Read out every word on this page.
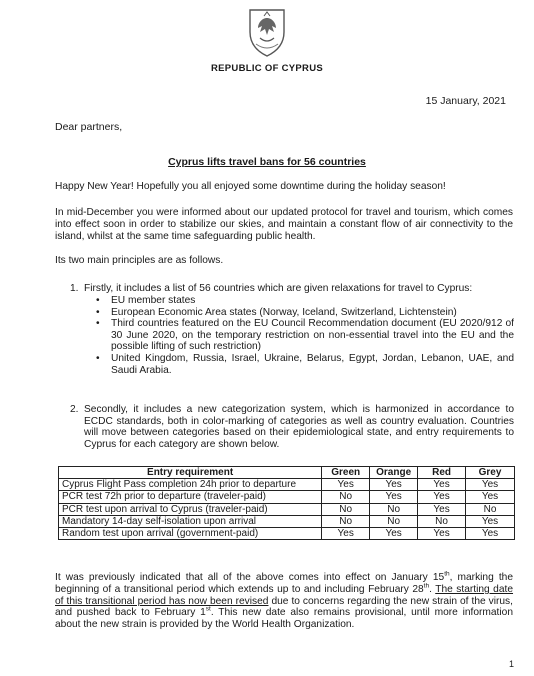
REPUBLIC OF CYPRUS
15 January, 2021
Dear partners,
Cyprus lifts travel bans for 56 countries

Happy New Year! Hopefully you all enjoyed some downtime during the holiday season!

In mid-December you were informed about our updated protocol for travel and tourism, which comes into effect soon in order to stabilize our skies, and maintain a constant flow of air connectivity to the island, whilst at the same time safeguarding public health.

Its two main principles are as follows.

1. Firstly, it includes a list of 56 countries which are given relaxations for travel to Cyprus:
• EU member states
• European Economic Area states (Norway, Iceland, Switzerland, Lichtenstein)
• Third countries featured on the EU Council Recommendation document (EU 2020/912 of 30 June 2020, on the temporary restriction on non-essential travel into the EU and the possible lifting of such restriction)
• United Kingdom, Russia, Israel, Ukraine, Belarus, Egypt, Jordan, Lebanon, UAE, and Saudi Arabia.
2. Secondly, it includes a new categorization system, which is harmonized in accordance to ECDC standards, both in color-marking of categories as well as country evaluation. Countries will move between categories based on their epidemiological state, and entry requirements to Cyprus for each category are shown below.
Entry requirement	Green	Orange	Red	Grey
Cyprus Flight Pass completion 24h prior to departure	Yes	Yes	Yes	Yes
PCR test 72h prior to departure (traveler-paid)	No	Yes	Yes	Yes
PCR test upon arrival to Cyprus (traveler-paid)	No	No	Yes	No
Mandatory 14-day self-isolation upon arrival	No	No	No	Yes
Random test upon arrival (government-paid)	Yes	Yes	Yes	Yes

It was previously indicated that all of the above comes into effect on January 15th, marking the beginning of a transitional period which extends up to and including February 28th. The starting date of this transitional period has now been revised due to concerns regarding the new strain of the virus, and pushed back to February 1st. This new date also remains provisional, until more information about the new strain is provided by the World Health Organization.

1
